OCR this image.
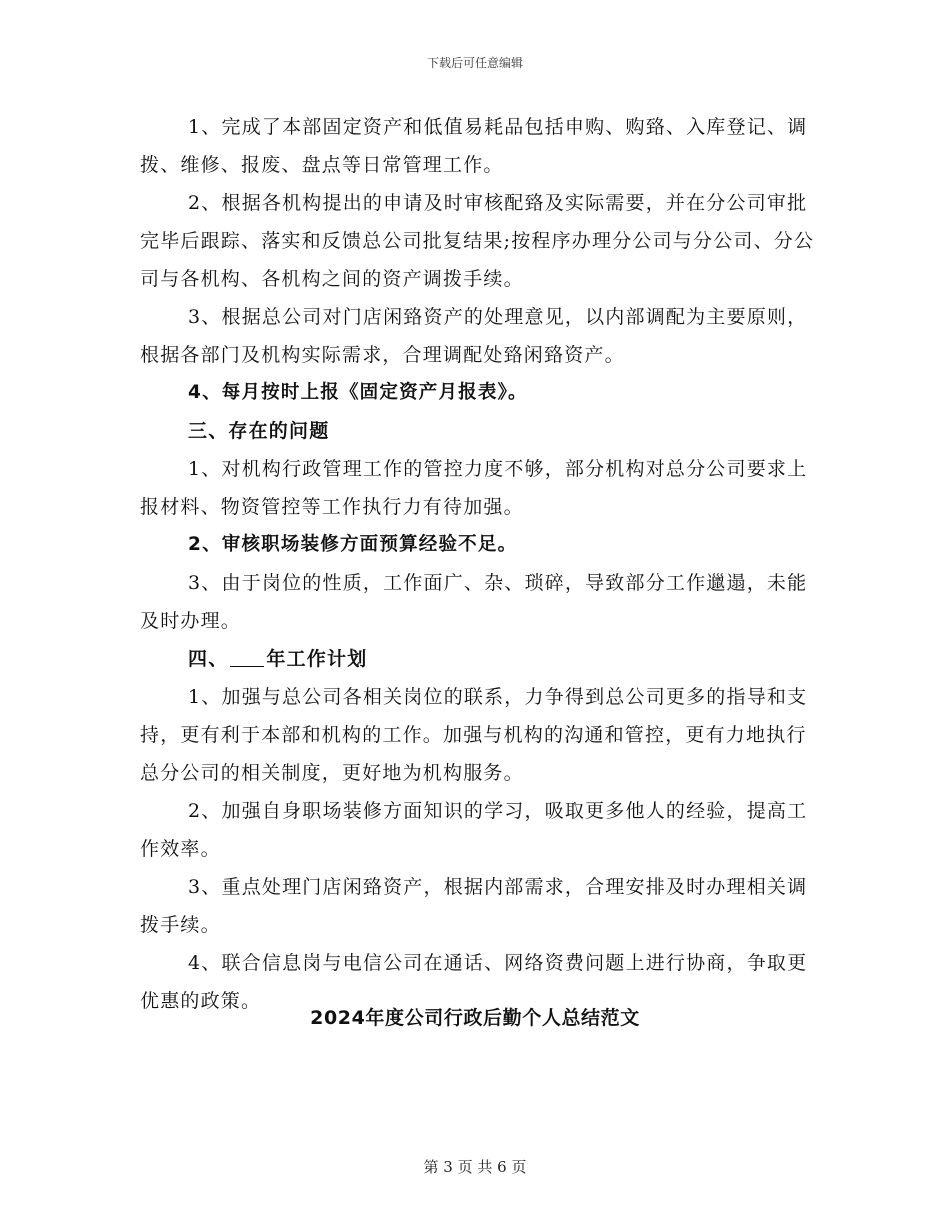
下载后可任意编辑

1、完成了本部固定资产和低值易耗品包括申购、购臵、入库登记、调拨、维修、报废、盘点等日常管理工作。

2、根据各机构提出的申请及时审核配臵及实际需要，并在分公司审批完毕后跟踪、落实和反馈总公司批复结果;按程序办理分公司与分公司、分公司与各机构、各机构之间的资产调拨手续。

3、根据总公司对门店闲臵资产的处理意见，以内部调配为主要原则，根据各部门及机构实际需求，合理调配处臵闲臵资产。

4、每月按时上报《固定资产月报表》。

三、存在的问题

1、对机构行政管理工作的管控力度不够，部分机构对总分公司要求上报材料、物资管控等工作执行力有待加强。

2、审核职场装修方面预算经验不足。

3、由于岗位的性质，工作面广、杂、琐碎，导致部分工作邋遢，未能及时办理。

四、 年工作计划

1、加强与总公司各相关岗位的联系，力争得到总公司更多的指导和支持，更有利于本部和机构的工作。加强与机构的沟通和管控，更有力地执行总分公司的相关制度，更好地为机构服务。

2、加强自身职场装修方面知识的学习，吸取更多他人的经验，提高工作效率。

3、重点处理门店闲臵资产，根据内部需求，合理安排及时办理相关调拨手续。

4、联合信息岗与电信公司在通话、网络资费问题上进行协商，争取更优惠的政策。

2024年度公司行政后勤个人总结范文
第 3 页 共 6 页
